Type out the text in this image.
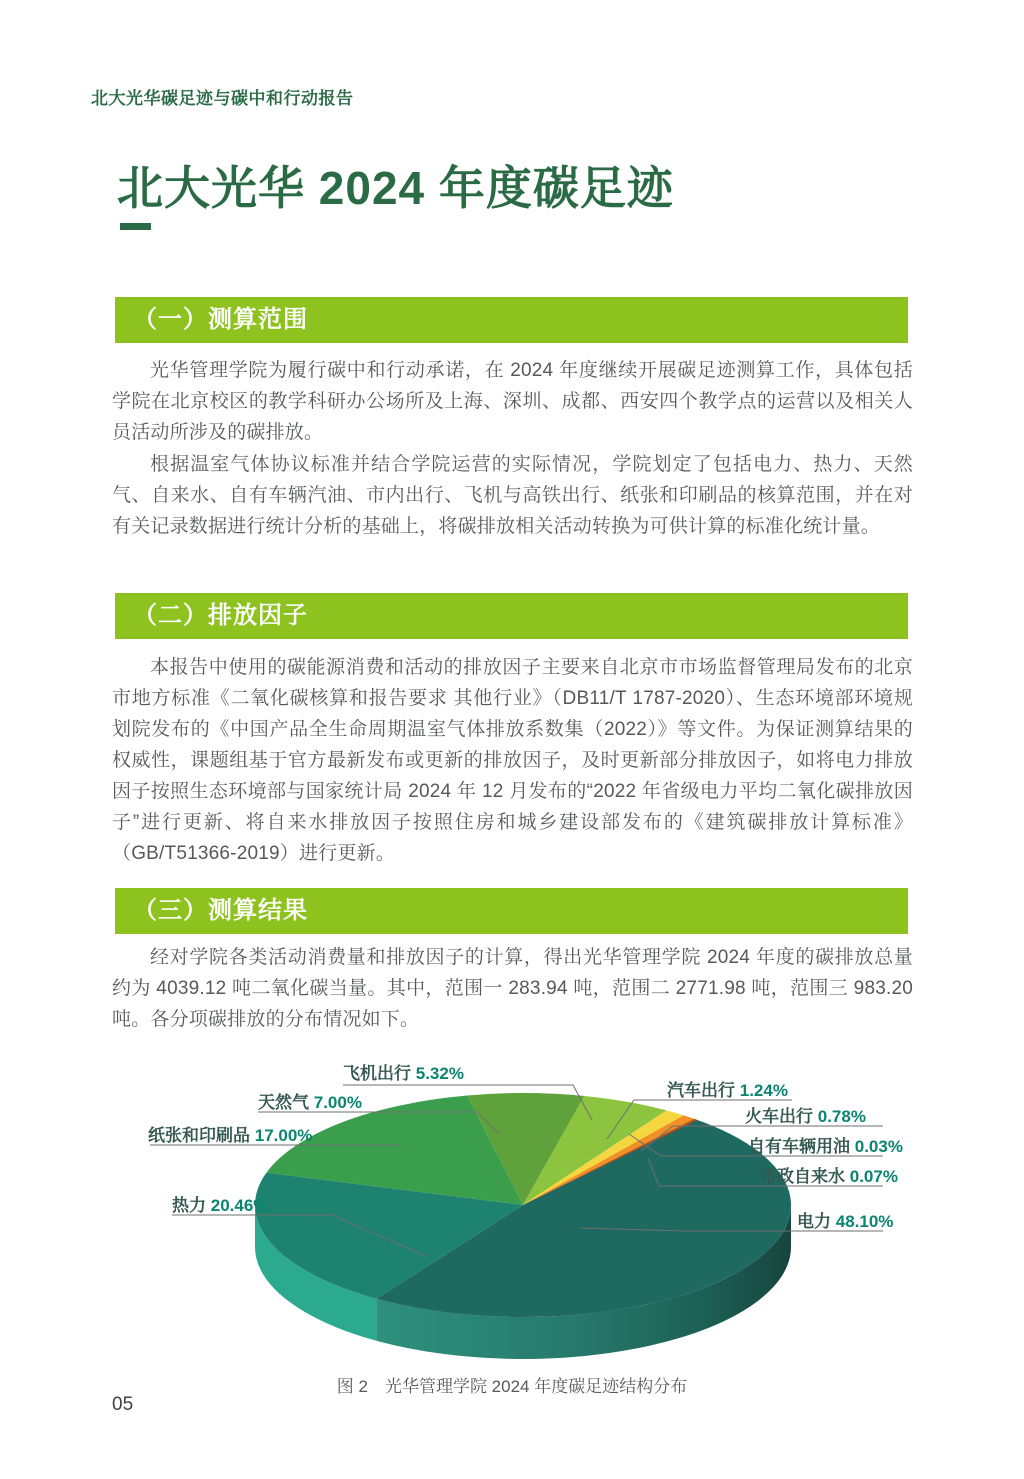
北大光华碳足迹与碳中和行动报告
北大光华 2024 年度碳足迹
（一）测算范围
光华管理学院为履行碳中和行动承诺，在 2024 年度继续开展碳足迹测算工作，具体包括学院在北京校区的教学科研办公场所及上海、深圳、成都、西安四个教学点的运营以及相关人员活动所涉及的碳排放。
根据温室气体协议标准并结合学院运营的实际情况，学院划定了包括电力、热力、天然气、自来水、自有车辆汽油、市内出行、飞机与高铁出行、纸张和印刷品的核算范围，并在对有关记录数据进行统计分析的基础上，将碳排放相关活动转换为可供计算的标准化统计量。
（二）排放因子
本报告中使用的碳能源消费和活动的排放因子主要来自北京市市场监督管理局发布的北京市地方标准《二氧化碳核算和报告要求 其他行业》（DB11/T 1787-2020）、生态环境部环境规划院发布的《中国产品全生命周期温室气体排放系数集（2022）》等文件。为保证测算结果的权威性，课题组基于官方最新发布或更新的排放因子，及时更新部分排放因子，如将电力排放因子按照生态环境部与国家统计局 2024 年 12 月发布的“2022 年省级电力平均二氧化碳排放因子”进行更新、将自来水排放因子按照住房和城乡建设部发布的《建筑碳排放计算标准》（GB/T51366-2019）进行更新。
（三）测算结果
经对学院各类活动消费量和排放因子的计算，得出光华管理学院 2024 年度的碳排放总量约为 4039.12 吨二氧化碳当量。其中，范围一 283.94 吨，范围二 2771.98 吨，范围三 983.20 吨。各分项碳排放的分布情况如下。
飞机出行 5.32%
天然气 7.00%
纸张和印刷品 17.00%
热力 20.46%
汽车出行 1.24%
火车出行 0.78%
自有车辆用油 0.03%
市政自来水 0.07%
电力 48.10%
图 2　光华管理学院 2024 年度碳足迹结构分布
05
